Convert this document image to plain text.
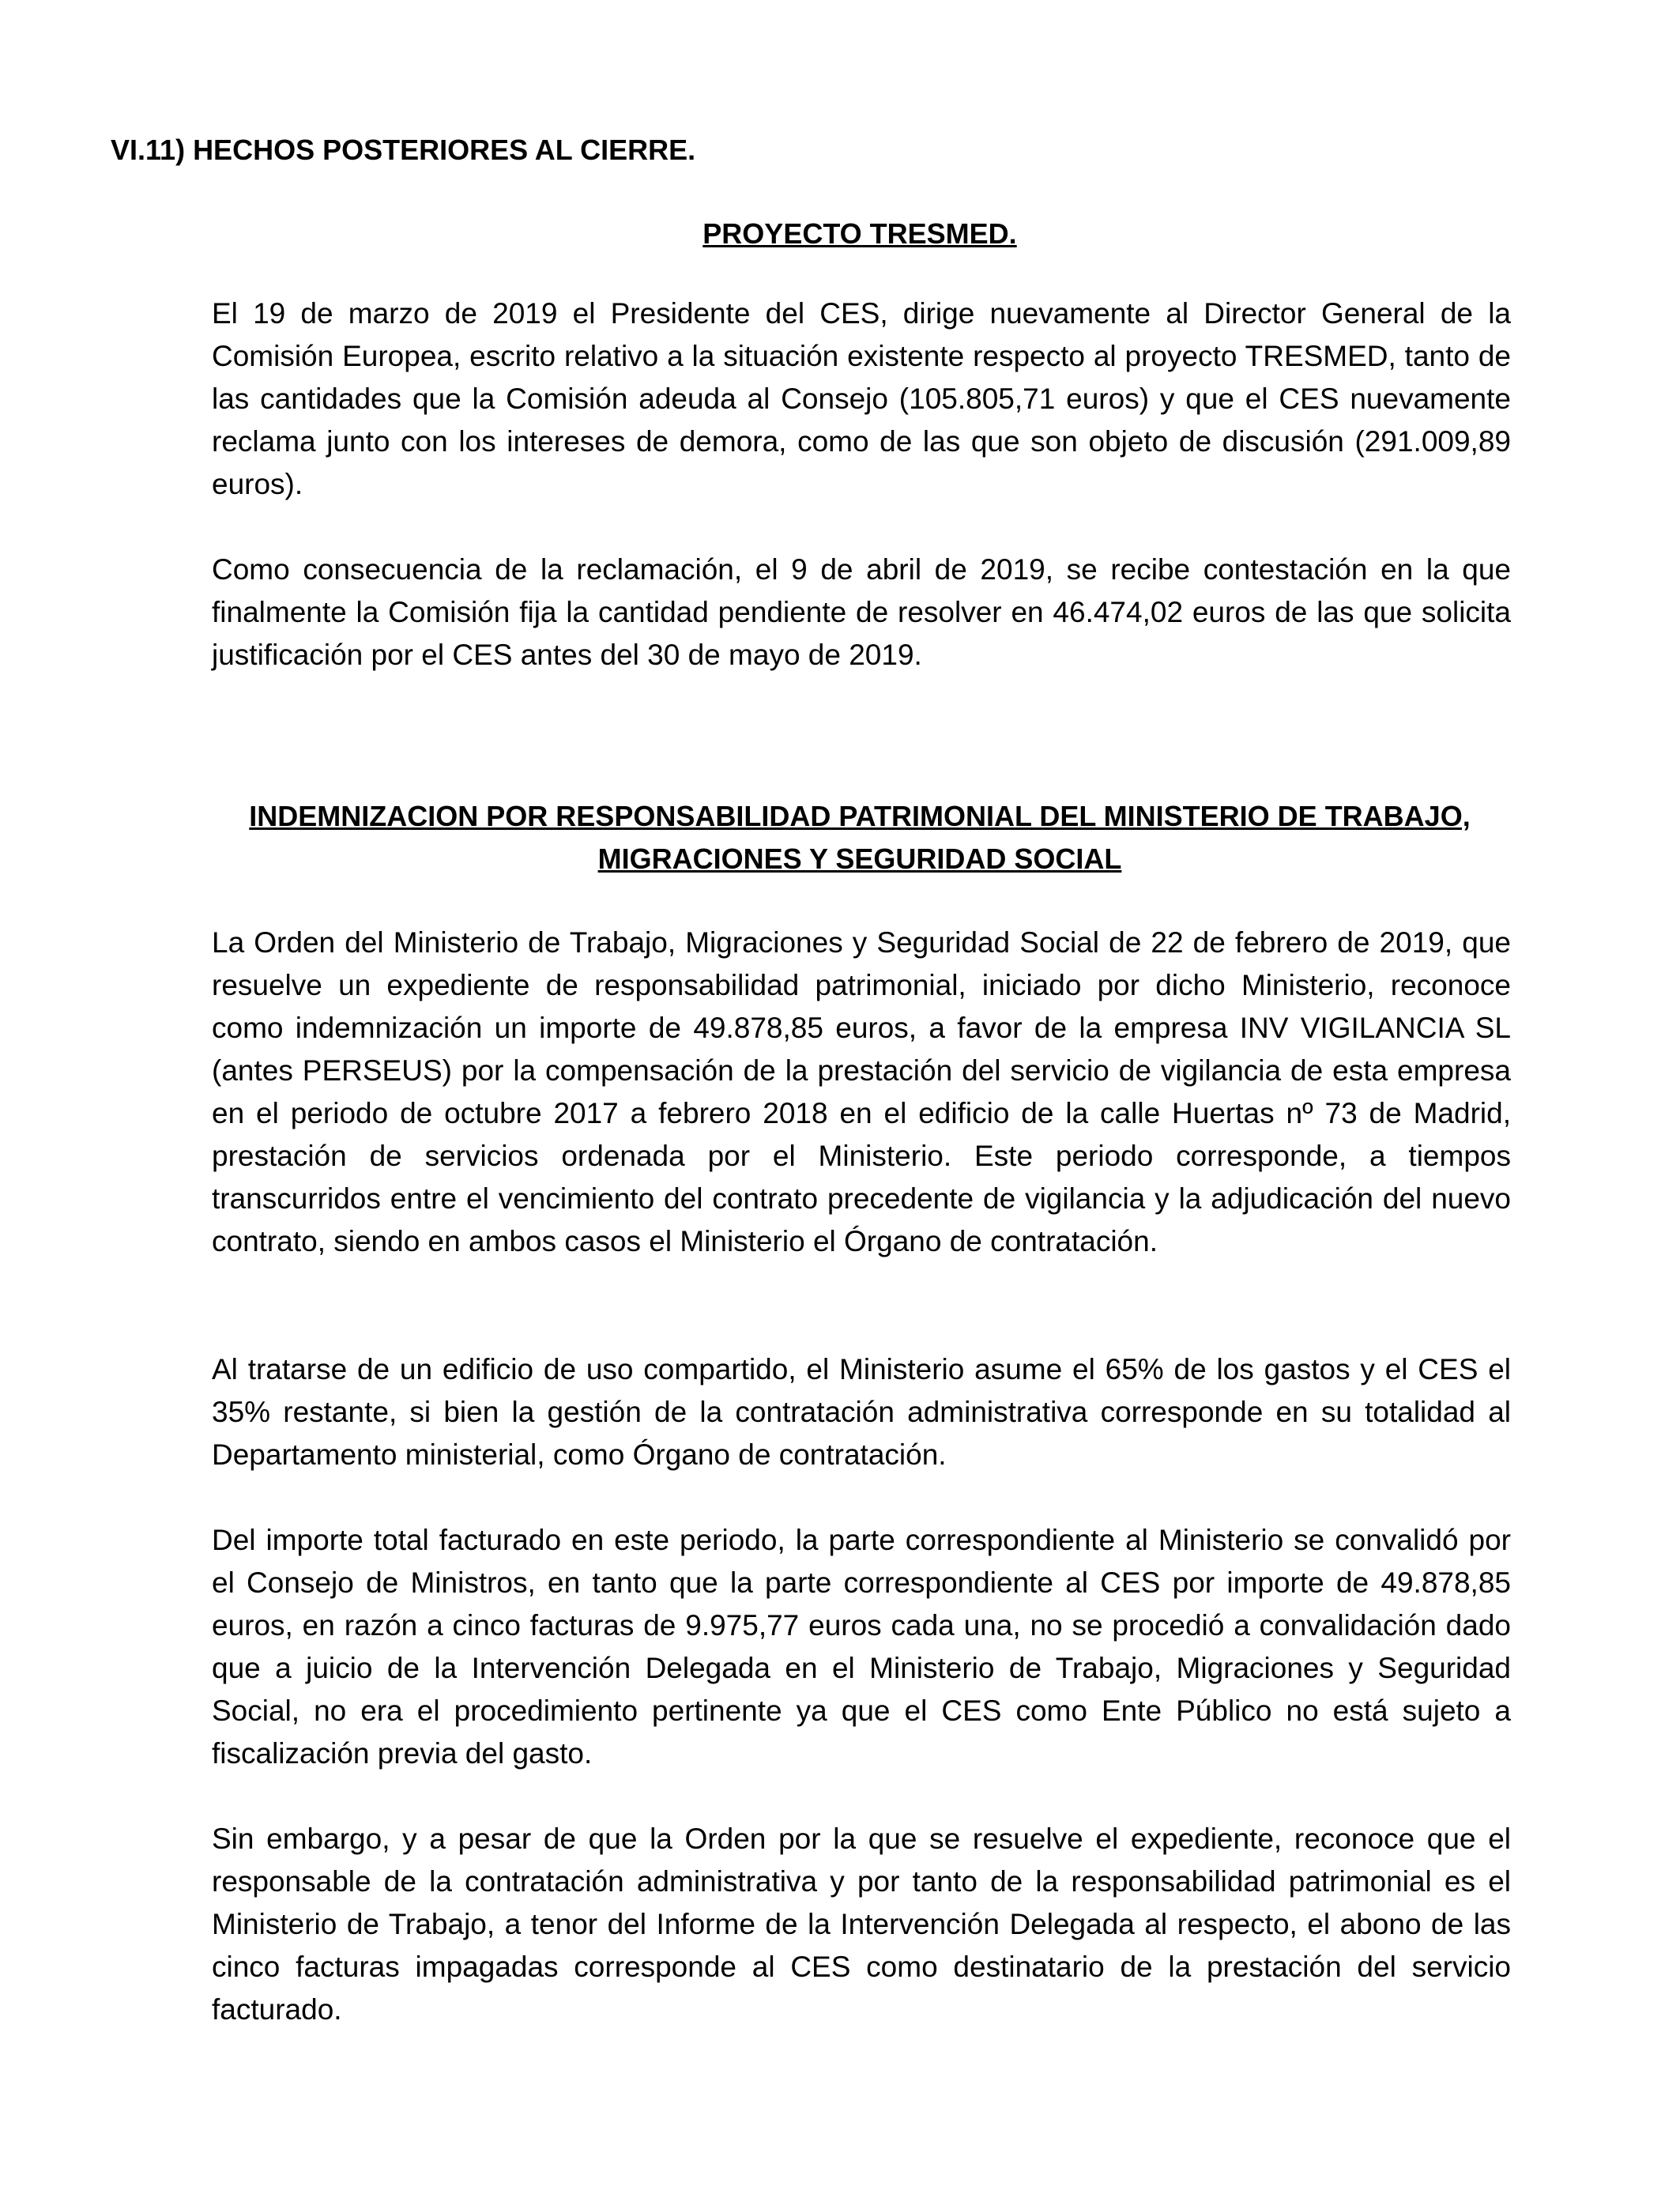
VI.11) HECHOS POSTERIORES AL CIERRE.
PROYECTO TRESMED.

El 19 de marzo de 2019 el Presidente del CES, dirige nuevamente al Director General de la Comisión Europea, escrito relativo a la situación existente respecto al proyecto TRESMED, tanto de las cantidades que la Comisión adeuda al Consejo (105.805,71 euros) y que el CES nuevamente reclama junto con los intereses de demora, como de las que son objeto de discusión (291.009,89 euros).

Como consecuencia de la reclamación, el 9 de abril de 2019, se recibe contestación en la que finalmente la Comisión fija la cantidad pendiente de resolver en 46.474,02 euros de las que solicita justificación por el CES antes del 30 de mayo de 2019.

INDEMNIZACION POR RESPONSABILIDAD PATRIMONIAL DEL MINISTERIO DE TRABAJO,
MIGRACIONES Y SEGURIDAD SOCIAL

La Orden del Ministerio de Trabajo, Migraciones y Seguridad Social de 22 de febrero de 2019, que resuelve un expediente de responsabilidad patrimonial, iniciado por dicho Ministerio, reconoce como indemnización un importe de 49.878,85 euros, a favor de la empresa INV VIGILANCIA SL (antes PERSEUS) por la compensación de la prestación del servicio de vigilancia de esta empresa en el periodo de octubre 2017 a febrero 2018 en el edificio de la calle Huertas nº 73 de Madrid, prestación de servicios ordenada por el Ministerio. Este periodo corresponde, a tiempos transcurridos entre el vencimiento del contrato precedente de vigilancia y la adjudicación del nuevo contrato, siendo en ambos casos el Ministerio el Órgano de contratación.

Al tratarse de un edificio de uso compartido, el Ministerio asume el 65% de los gastos y el CES el 35% restante, si bien la gestión de la contratación administrativa corresponde en su totalidad al Departamento ministerial, como Órgano de contratación.

Del importe total facturado en este periodo, la parte correspondiente al Ministerio se convalidó por el Consejo de Ministros, en tanto que la parte correspondiente al CES por importe de 49.878,85 euros, en razón a cinco facturas de 9.975,77 euros cada una, no se procedió a convalidación dado que a juicio de la Intervención Delegada en el Ministerio de Trabajo, Migraciones y Seguridad Social, no era el procedimiento pertinente ya que el CES como Ente Público no está sujeto a fiscalización previa del gasto.

Sin embargo, y a pesar de que la Orden por la que se resuelve el expediente, reconoce que el responsable de la contratación administrativa y por tanto de la responsabilidad patrimonial es el Ministerio de Trabajo, a tenor del Informe de la Intervención Delegada al respecto, el abono de las cinco facturas impagadas corresponde al CES como destinatario de la prestación del servicio facturado.
